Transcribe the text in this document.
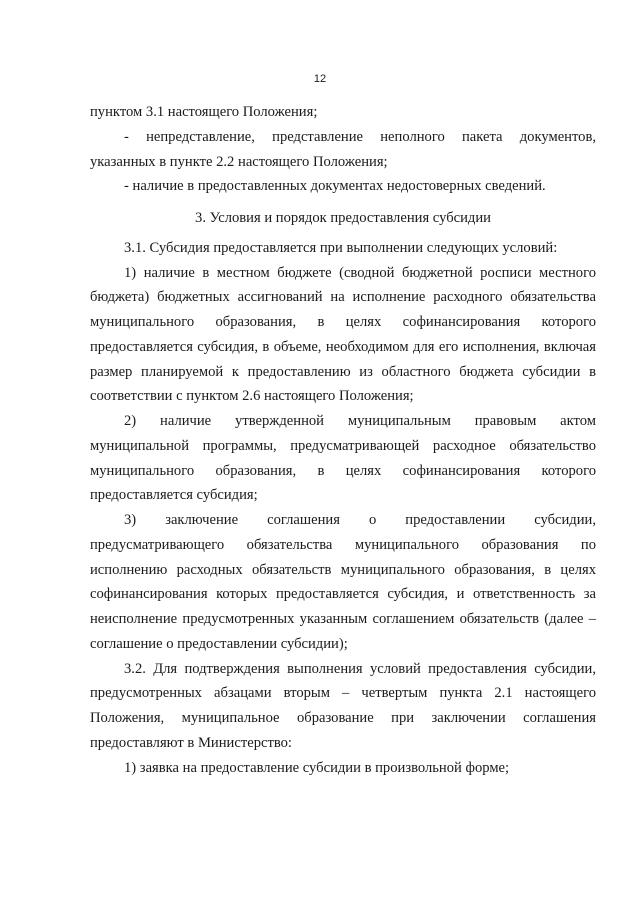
12

пунктом 3.1 настоящего Положения;

- непредставление, представление неполного пакета документов, указанных в пункте 2.2 настоящего Положения;

- наличие в предоставленных документах недостоверных сведений.

3. Условия и порядок предоставления субсидии

3.1. Субсидия предоставляется при выполнении следующих условий:

1) наличие в местном бюджете (сводной бюджетной росписи местного бюджета) бюджетных ассигнований на исполнение расходного обязательства муниципального образования, в целях софинансирования которого предоставляется субсидия, в объеме, необходимом для его исполнения, включая размер планируемой к предоставлению из областного бюджета субсидии в соответствии с пунктом 2.6 настоящего Положения;

2) наличие утвержденной муниципальным правовым актом муниципальной программы, предусматривающей расходное обязательство муниципального образования, в целях софинансирования которого предоставляется субсидия;

3) заключение соглашения о предоставлении субсидии, предусматривающего обязательства муниципального образования по исполнению расходных обязательств муниципального образования, в целях софинансирования которых предоставляется субсидия, и ответственность за неисполнение предусмотренных указанным соглашением обязательств (далее – соглашение о предоставлении субсидии);

3.2. Для подтверждения выполнения условий предоставления субсидии, предусмотренных абзацами вторым – четвертым пункта 2.1 настоящего Положения, муниципальное образование при заключении соглашения предоставляют в Министерство:

1) заявка на предоставление субсидии в произвольной форме;
